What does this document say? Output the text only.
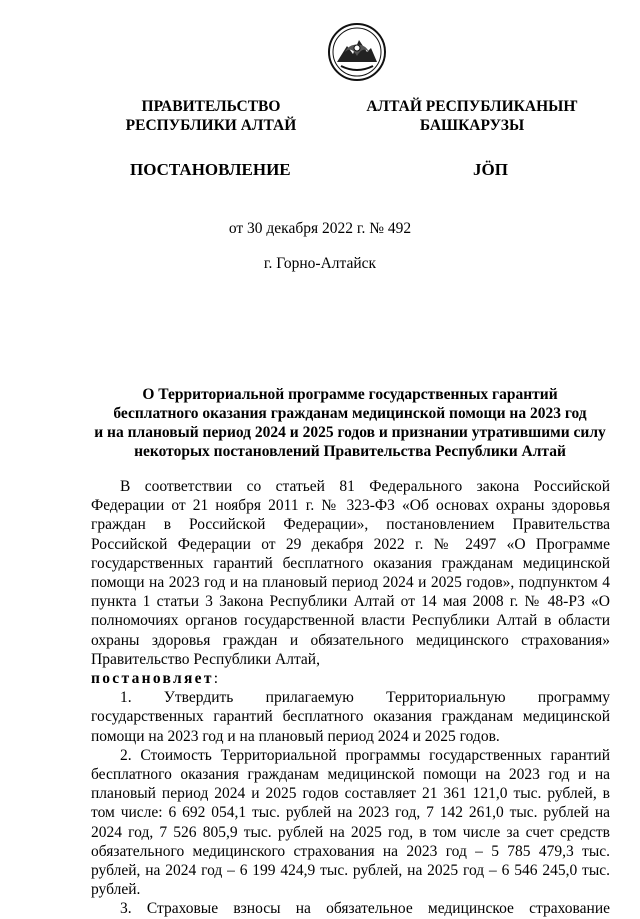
ПРАВИТЕЛЬСТВО
РЕСПУБЛИКИ АЛТАЙ
АЛТАЙ РЕСПУБЛИКАНЫҤ
БАШКАРУЗЫ
ПОСТАНОВЛЕНИЕ	JӦП
от 30 декабря 2022 г. № 492
г. Горно-Алтайск
О Территориальной программе государственных гарантий
бесплатного оказания гражданам медицинской помощи на 2023 год
и на плановый период 2024 и 2025 годов и признании утратившими силу
некоторых постановлений Правительства Республики Алтай

В соответствии со статьей 81 Федерального закона Российской Федерации от 21 ноября 2011 г. № 323-ФЗ «Об основах охраны здоровья граждан в Российской Федерации», постановлением Правительства Российской Федерации от 29 декабря 2022 г. № 2497 «О Программе государственных гарантий бесплатного оказания гражданам медицинской помощи на 2023 год и на плановый период 2024 и 2025 годов», подпунктом 4 пункта 1 статьи 3 Закона Республики Алтай от 14 мая 2008 г. № 48-РЗ «О полномочиях органов государственной власти Республики Алтай в области охраны здоровья граждан и обязательного медицинского страхования» Правительство Республики Алтай,

постановляет:

1. Утвердить прилагаемую Территориальную программу государственных гарантий бесплатного оказания гражданам медицинской помощи на 2023 год и на плановый период 2024 и 2025 годов.

2. Стоимость Территориальной программы государственных гарантий бесплатного оказания гражданам медицинской помощи на 2023 год и на плановый период 2024 и 2025 годов составляет 21 361 121,0 тыс. рублей, в том числе: 6 692 054,1 тыс. рублей на 2023 год, 7 142 261,0 тыс. рублей на 2024 год, 7 526 805,9 тыс. рублей на 2025 год, в том числе за счет средств обязательного медицинского страхования на 2023 год – 5 785 479,3 тыс. рублей, на 2024 год – 6 199 424,9 тыс. рублей, на 2025 год – 6 546 245,0 тыс. рублей.

3. Страховые взносы на обязательное медицинское страхование
